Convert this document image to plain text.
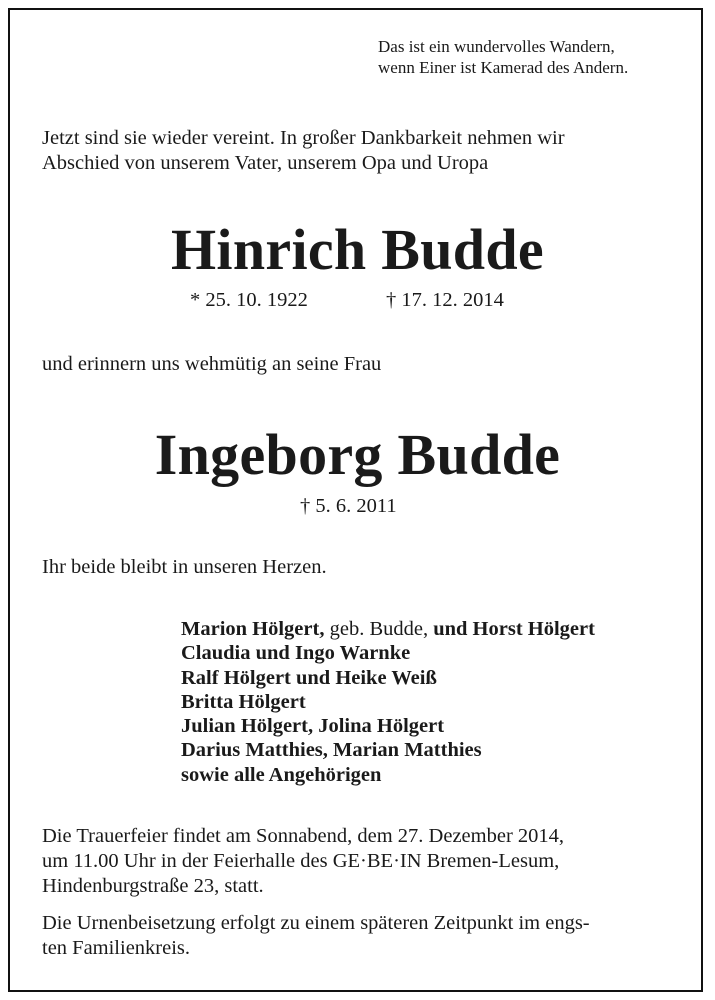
Das ist ein wundervolles Wandern,
wenn Einer ist Kamerad des Andern.
Jetzt sind sie wieder vereint. In großer Dankbarkeit nehmen wir
Abschied von unserem Vater, unserem Opa und Uropa
Hinrich Budde
* 25. 10. 1922	† 17. 12. 2014
und erinnern uns wehmütig an seine Frau
Ingeborg Budde
† 5. 6. 2011
Ihr beide bleibt in unseren Herzen.
Marion Hölgert, geb. Budde, und Horst Hölgert
Claudia und Ingo Warnke
Ralf Hölgert und Heike Weiß
Britta Hölgert
Julian Hölgert, Jolina Hölgert
Darius Matthies, Marian Matthies
sowie alle Angehörigen
Die Trauerfeier findet am Sonnabend, dem 27. Dezember 2014,
um 11.00 Uhr in der Feierhalle des GE·BE·IN Bremen-Lesum,
Hindenburgstraße 23, statt.
Die Urnenbeisetzung erfolgt zu einem späteren Zeitpunkt im engs-
ten Familienkreis.
